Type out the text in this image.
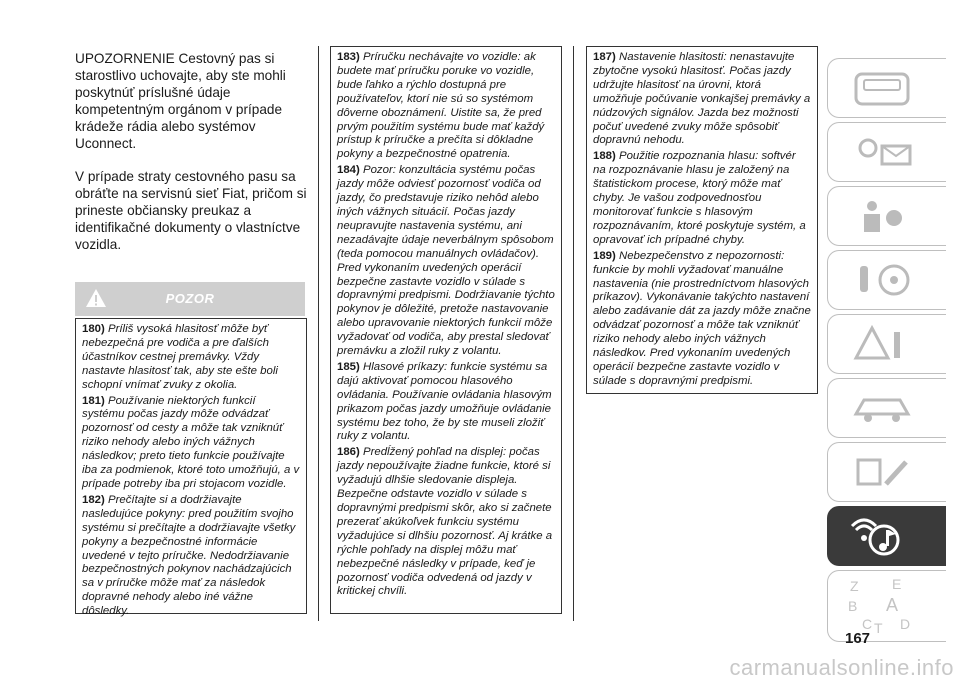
UPOZORNENIE Cestovný pas si starostlivo uchovajte, aby ste mohli poskytnúť príslušné údaje kompetentným orgánom v prípade krádeže rádia alebo systémov Uconnect.

V prípade straty cestovného pasu sa obráťte na servisnú sieť Fiat, pričom si prineste občiansky preukaz a identifikačné dokumenty o vlastníctve vozidla.

POZOR

180) Príliš vysoká hlasitosť môže byť nebezpečná pre vodiča a pre ďalších účastníkov cestnej premávky. Vždy nastavte hlasitosť tak, aby ste ešte boli schopní vnímať zvuky z okolia.

181) Používanie niektorých funkcií systému počas jazdy môže odvádzať pozornosť od cesty a môže tak vzniknúť riziko nehody alebo iných vážnych následkov; preto tieto funkcie používajte iba za podmienok, ktoré toto umožňujú, a v prípade potreby iba pri stojacom vozidle.

182) Prečítajte si a dodržiavajte nasledujúce pokyny: pred použitím svojho systému si prečítajte a dodržiavajte všetky pokyny a bezpečnostné informácie uvedené v tejto príručke. Nedodržiavanie bezpečnostných pokynov nachádzajúcich sa v príručke môže mať za následok dopravné nehody alebo iné vážne dôsledky.

183) Príručku nechávajte vo vozidle: ak budete mať príručku poruke vo vozidle, bude ľahko a rýchlo dostupná pre používateľov, ktorí nie sú so systémom dôverne oboznámení. Uistite sa, že pred prvým použitím systému bude mať každý prístup k príručke a prečíta si dôkladne pokyny a bezpečnostné opatrenia.

184) Pozor: konzultácia systému počas jazdy môže odviesť pozornosť vodiča od jazdy, čo predstavuje riziko nehôd alebo iných vážnych situácií. Počas jazdy neupravujte nastavenia systému, ani nezadávajte údaje neverbálnym spôsobom (teda pomocou manuálnych ovládačov). Pred vykonaním uvedených operácií bezpečne zastavte vozidlo v súlade s dopravnými predpismi. Dodržiavanie týchto pokynov je dôležité, pretože nastavovanie alebo upravovanie niektorých funkcií môže vyžadovať od vodiča, aby prestal sledovať premávku a zložil ruky z volantu.

185) Hlasové príkazy: funkcie systému sa dajú aktivovať pomocou hlasového ovládania. Používanie ovládania hlasovým prikazom počas jazdy umožňuje ovládanie systému bez toho, že by ste museli zložiť ruky z volantu.

186) Predĺžený pohľad na displej: počas jazdy nepoužívajte žiadne funkcie, ktoré si vyžadujú dlhšie sledovanie displeja. Bezpečne odstavte vozidlo v súlade s dopravnými predpismi skôr, ako si začnete prezerať akúkoľvek funkciu systému vyžadujúce si dlhšiu pozornosť. Aj krátke a rýchle pohľady na displej môžu mať nebezpečné následky v prípade, keď je pozornosť vodiča odvedená od jazdy v kritickej chvíli.

187) Nastavenie hlasitosti: nenastavujte zbytočne vysokú hlasitosť. Počas jazdy udržujte hlasitosť na úrovni, ktorá umožňuje počúvanie vonkajšej premávky a núdzových signálov. Jazda bez možnosti počuť uvedené zvuky môže spôsobiť dopravnú nehodu.

188) Použitie rozpoznania hlasu: softvér na rozpoznávanie hlasu je založený na štatistickom procese, ktorý môže mať chyby. Je vašou zodpovednosťou monitorovať funkcie s hlasovým rozpoznávaním, ktoré poskytuje systém, a opravovať ich prípadné chyby.

189) Nebezpečenstvo z nepozornosti: funkcie by mohli vyžadovať manuálne nastavenia (nie prostredníctvom hlasových príkazov). Vykonávanie takýchto nastavení alebo zadávanie dát za jazdy môže značne odvádzať pozornosť a môže tak vzniknúť riziko nehody alebo iných vážnych následkov. Pred vykonaním uvedených operácií bezpečne zastavte vozidlo v súlade s dopravnými predpismi.

Z E
B A
C T D
167
carmanualsonline.info
